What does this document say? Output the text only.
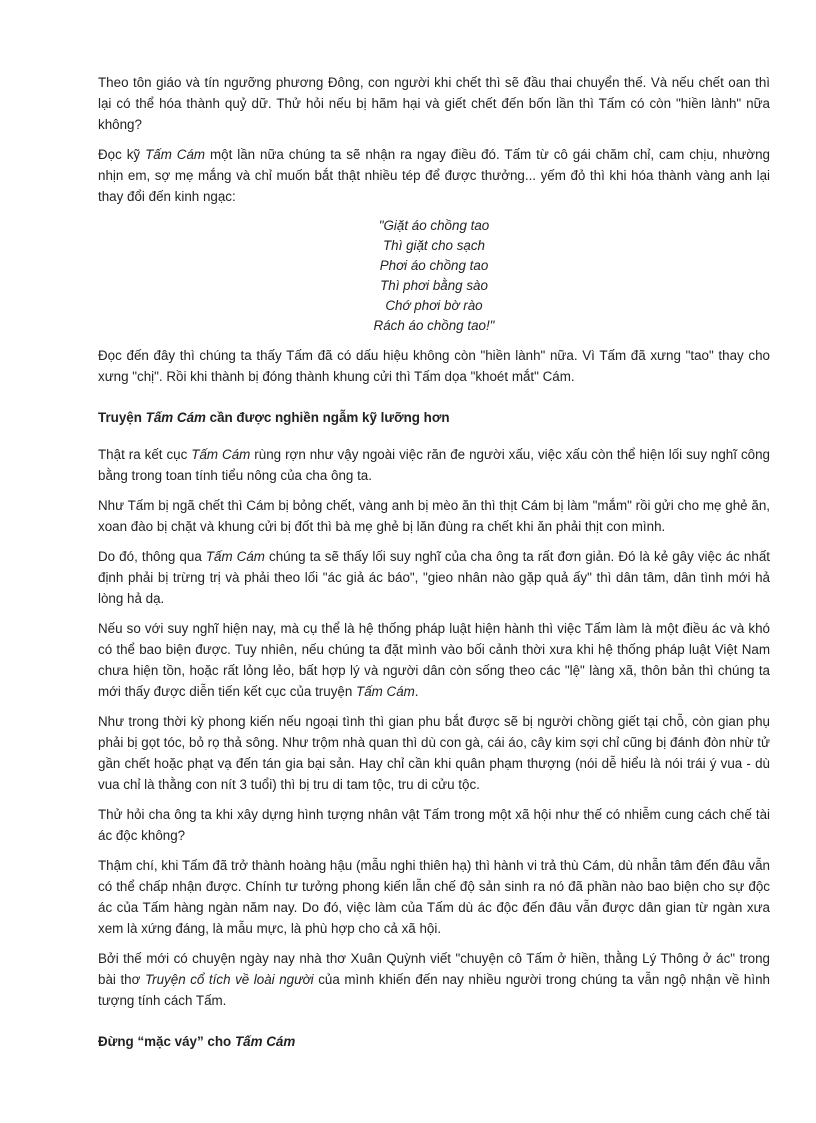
Theo tôn giáo và tín ngưỡng phương Đông, con người khi chết thì sẽ đầu thai chuyển thế. Và nếu chết oan thì lại có thể hóa thành quỷ dữ. Thử hỏi nếu bị hãm hại và giết chết đến bốn lần thì Tấm có còn "hiền lành" nữa không?

Đọc kỹ Tấm Cám một lần nữa chúng ta sẽ nhận ra ngay điều đó. Tấm từ cô gái chăm chỉ, cam chịu, nhường nhịn em, sợ mẹ mắng và chỉ muốn bắt thật nhiều tép để được thưởng... yếm đỏ thì khi hóa thành vàng anh lại thay đổi đến kinh ngạc:

"Giặt áo chồng tao
Thì giặt cho sạch
Phơi áo chồng tao
Thì phơi bằng sào
Chớ phơi bờ rào
Rách áo chồng tao!"

Đọc đến đây thì chúng ta thấy Tấm đã có dấu hiệu không còn "hiền lành" nữa. Vì Tấm đã xưng "tao" thay cho xưng "chị". Rồi khi thành bị đóng thành khung cửi thì Tấm dọa "khoét mắt" Cám.

Truyện Tấm Cám cần được nghiền ngẫm kỹ lưỡng hơn

Thật ra kết cục Tấm Cám rùng rợn như vậy ngoài việc răn đe người xấu, việc xấu còn thể hiện lối suy nghĩ công bằng trong toan tính tiểu nông của cha ông ta.

Như Tấm bị ngã chết thì Cám bị bỏng chết, vàng anh bị mèo ăn thì thịt Cám bị làm "mắm" rồi gửi cho mẹ ghẻ ăn, xoan đào bị chặt và khung cửi bị đốt thì bà mẹ ghẻ bị lăn đùng ra chết khi ăn phải thịt con mình.

Do đó, thông qua Tấm Cám chúng ta sẽ thấy lối suy nghĩ của cha ông ta rất đơn giản. Đó là kẻ gây việc ác nhất định phải bị trừng trị và phải theo lối "ác giả ác báo", "gieo nhân nào gặp quả ấy" thì dân tâm, dân tình mới hả lòng hả dạ.

Nếu so với suy nghĩ hiện nay, mà cụ thể là hệ thống pháp luật hiện hành thì việc Tấm làm là một điều ác và khó có thể bao biện được. Tuy nhiên, nếu chúng ta đặt mình vào bối cảnh thời xưa khi hệ thống pháp luật Việt Nam chưa hiện tồn, hoặc rất lỏng lẻo, bất hợp lý và người dân còn sống theo các "lệ" làng xã, thôn bản thì chúng ta mới thấy được diễn tiến kết cục của truyện Tấm Cám.

Như trong thời kỳ phong kiến nếu ngoại tình thì gian phu bắt được sẽ bị người chồng giết tại chỗ, còn gian phụ phải bị gọt tóc, bỏ rọ thả sông. Như trộm nhà quan thì dù con gà, cái áo, cây kim sợi chỉ cũng bị đánh đòn nhừ tử gần chết hoặc phạt vạ đến tán gia bại sản. Hay chỉ cần khi quân phạm thượng (nói dễ hiểu là nói trái ý vua - dù vua chỉ là thằng con nít 3 tuổi) thì bị tru di tam tộc, tru di cửu tộc.

Thử hỏi cha ông ta khi xây dựng hình tượng nhân vật Tấm trong một xã hội như thế có nhiễm cung cách chế tài ác độc không?

Thậm chí, khi Tấm đã trở thành hoàng hậu (mẫu nghi thiên hạ) thì hành vi trả thù Cám, dù nhẫn tâm đến đâu vẫn có thể chấp nhận được. Chính tư tưởng phong kiến lẫn chế độ sản sinh ra nó đã phần nào bao biện cho sự độc ác của Tấm hàng ngàn năm nay. Do đó, việc làm của Tấm dù ác độc đến đâu vẫn được dân gian từ ngàn xưa xem là xứng đáng, là mẫu mực, là phù hợp cho cả xã hội.

Bởi thế mới có chuyện ngày nay nhà thơ Xuân Quỳnh viết "chuyện cô Tấm ở hiền, thằng Lý Thông ở ác" trong bài thơ Truyện cổ tích về loài người của mình khiến đến nay nhiều người trong chúng ta vẫn ngộ nhận về hình tượng tính cách Tấm.

Đừng “mặc váy” cho Tấm Cám
